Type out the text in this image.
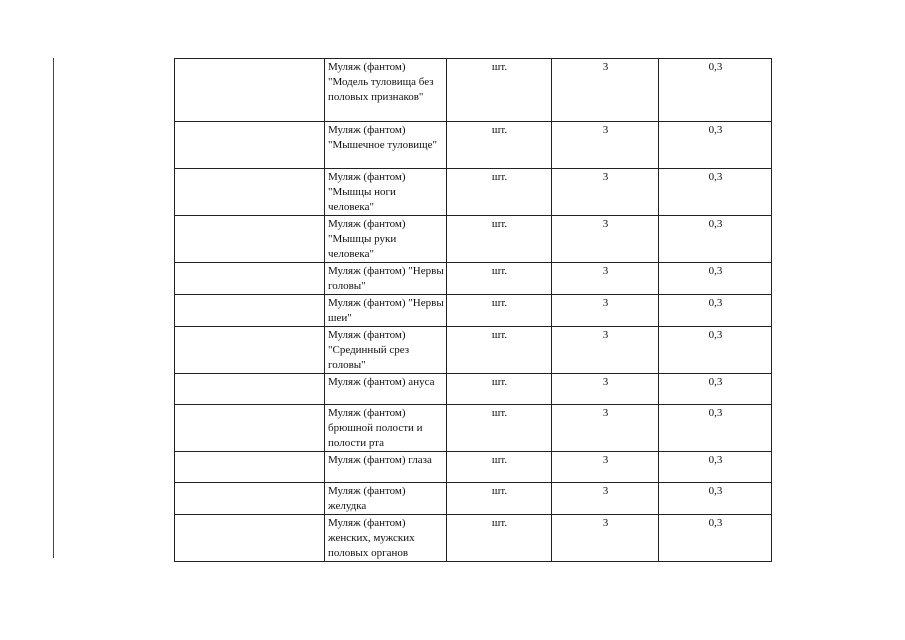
	Муляж (фантом) "Модель туловища без половых признаков"	шт.	3	0,3
	Муляж (фантом) "Мышечное туловище"	шт.	3	0,3
	Муляж (фантом) "Мышцы ноги человека"	шт.	3	0,3
	Муляж (фантом) "Мышцы руки человека"	шт.	3	0,3
	Муляж (фантом) "Нервы головы"	шт.	3	0,3
	Муляж (фантом) "Нервы шеи"	шт.	3	0,3
	Муляж (фантом) "Срединный срез головы"	шт.	3	0,3
	Муляж (фантом) ануса	шт.	3	0,3
	Муляж (фантом) брюшной полости и полости рта	шт.	3	0,3
	Муляж (фантом) глаза	шт.	3	0,3
	Муляж (фантом) желудка	шт.	3	0,3
	Муляж (фантом) женских, мужских половых органов	шт.	3	0,3
